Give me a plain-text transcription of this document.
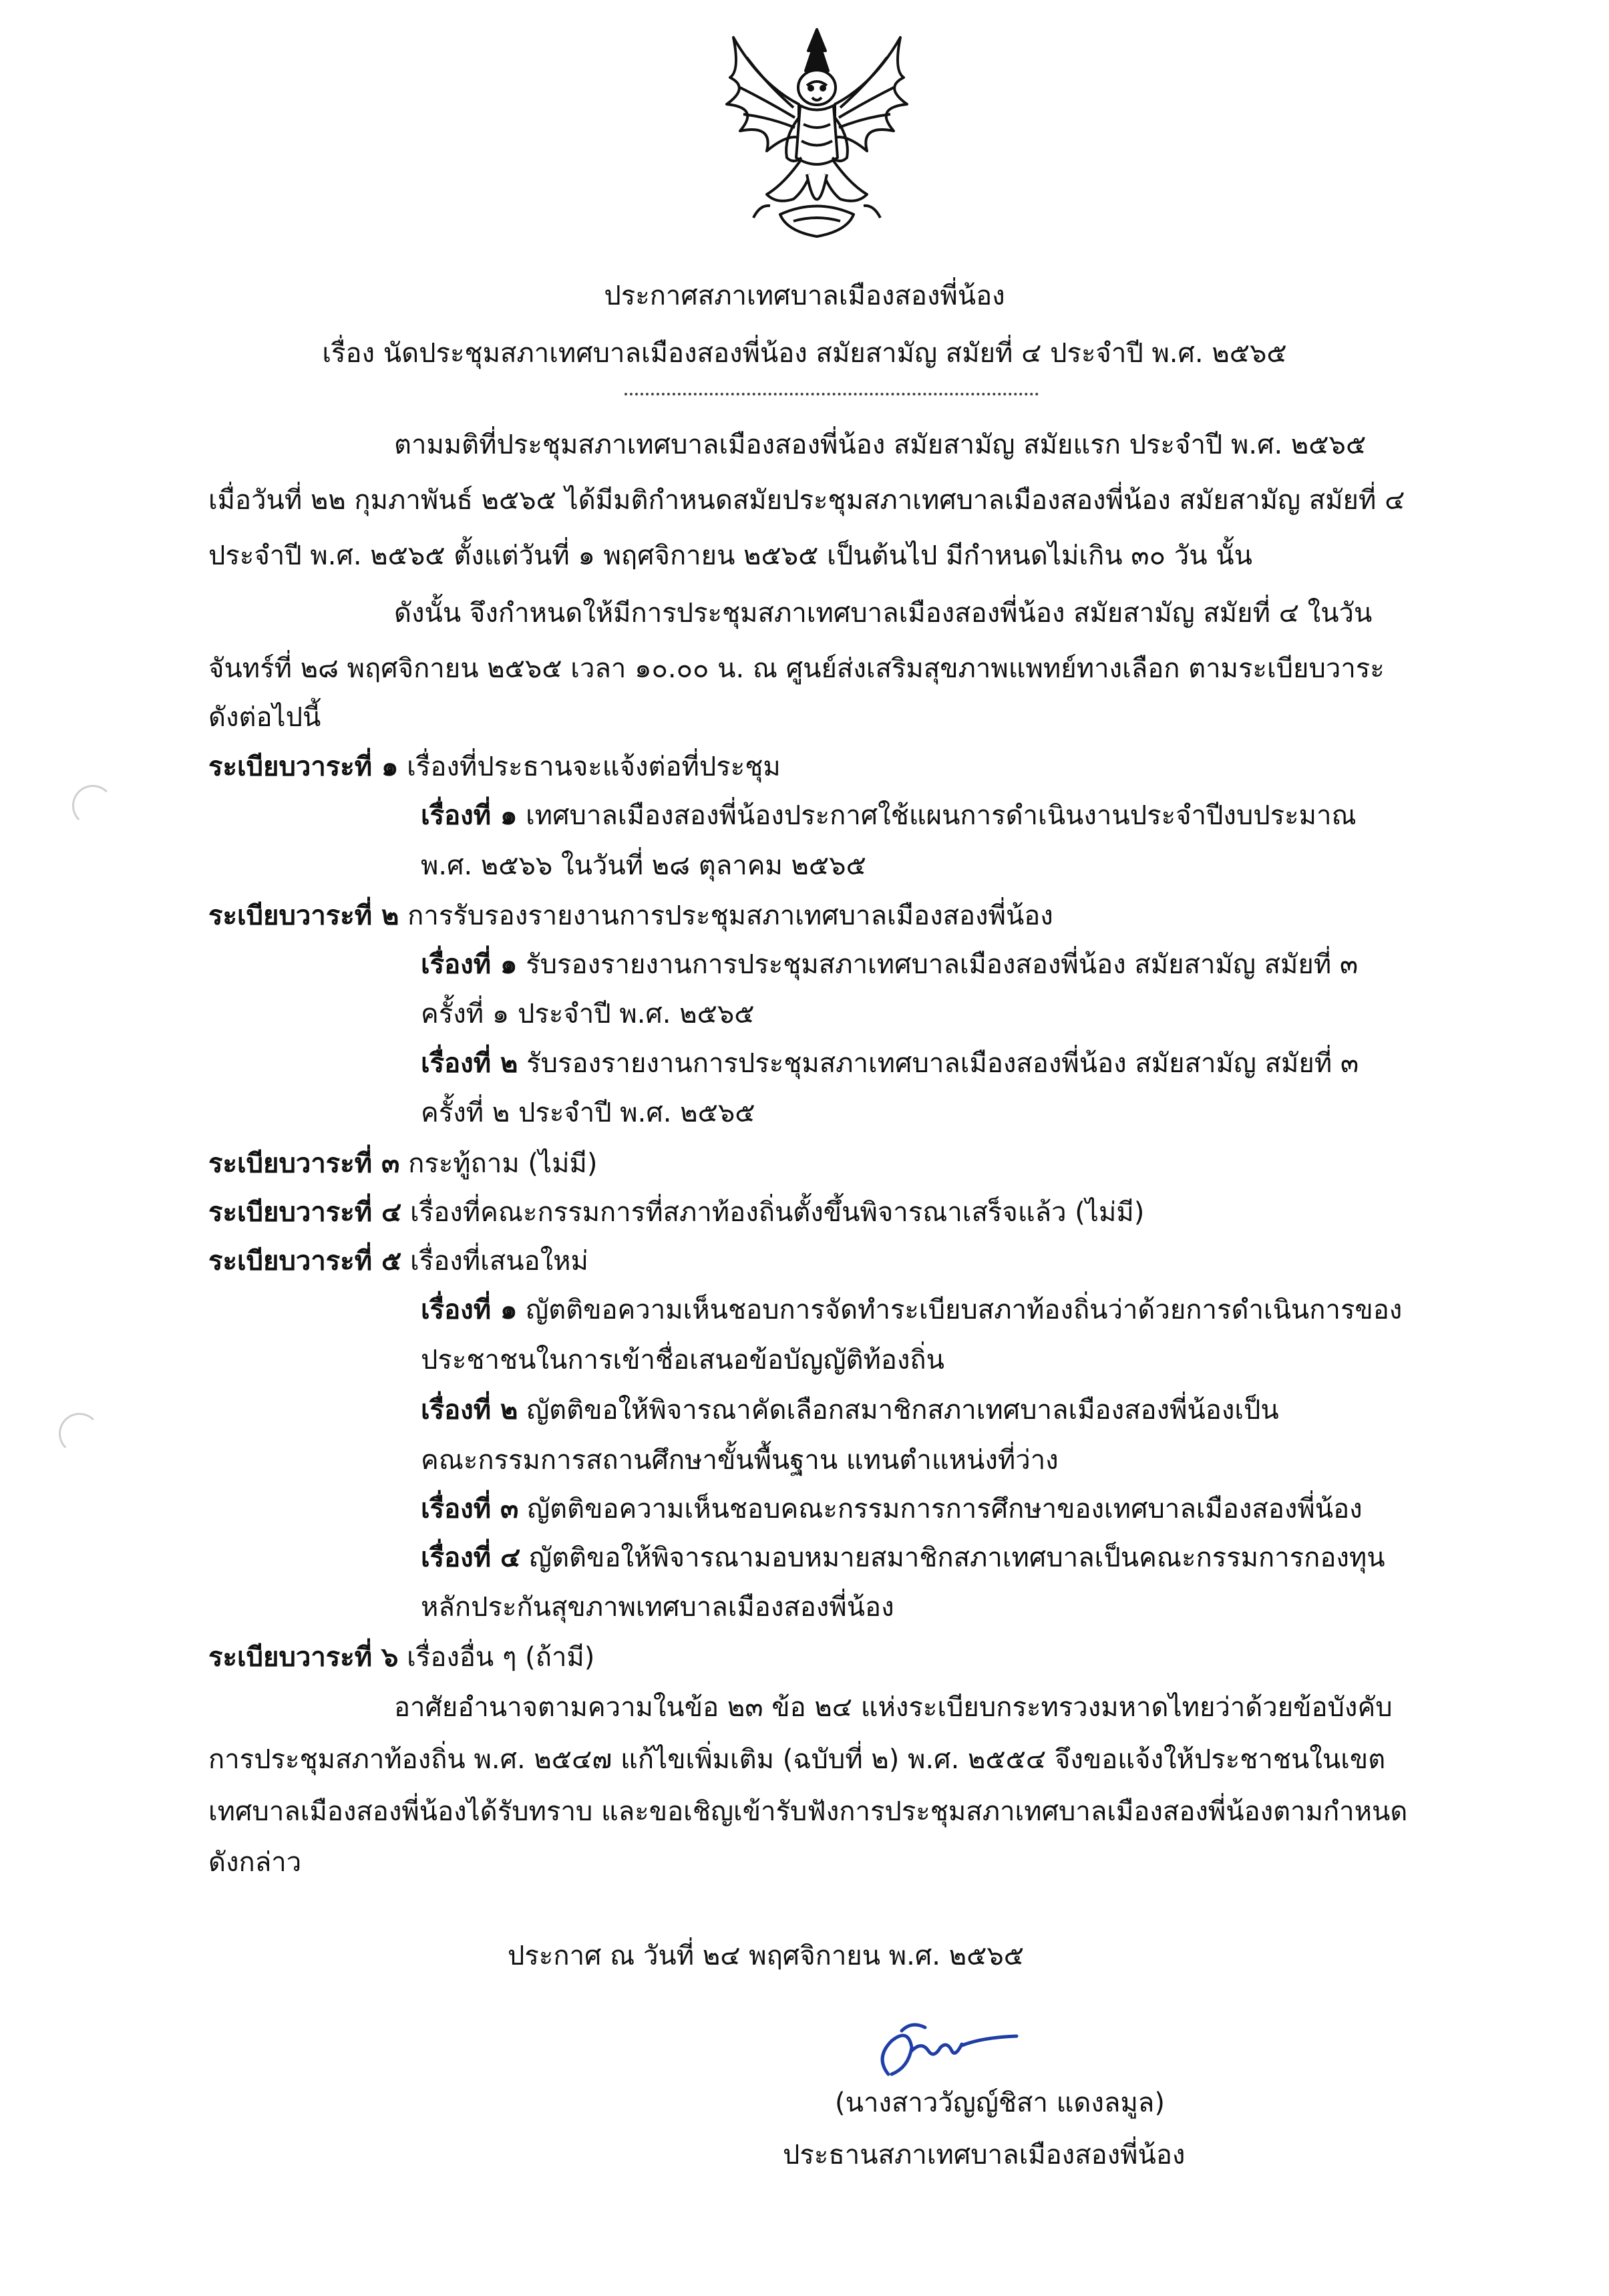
ประกาศสภาเทศบาลเมืองสองพี่น้อง
เรื่อง นัดประชุมสภาเทศบาลเมืองสองพี่น้อง สมัยสามัญ สมัยที่ ๔ ประจำปี พ.ศ. ๒๕๖๕
ตามมติที่ประชุมสภาเทศบาลเมืองสองพี่น้อง สมัยสามัญ สมัยแรก ประจำปี พ.ศ. ๒๕๖๕
เมื่อวันที่ ๒๒ กุมภาพันธ์ ๒๕๖๕ ได้มีมติกำหนดสมัยประชุมสภาเทศบาลเมืองสองพี่น้อง สมัยสามัญ สมัยที่ ๔
ประจำปี พ.ศ. ๒๕๖๕ ตั้งแต่วันที่ ๑ พฤศจิกายน ๒๕๖๕ เป็นต้นไป มีกำหนดไม่เกิน ๓๐ วัน นั้น
ดังนั้น จึงกำหนดให้มีการประชุมสภาเทศบาลเมืองสองพี่น้อง สมัยสามัญ สมัยที่ ๔ ในวัน
จันทร์ที่ ๒๘ พฤศจิกายน ๒๕๖๕ เวลา ๑๐.๐๐ น. ณ ศูนย์ส่งเสริมสุขภาพแพทย์ทางเลือก ตามระเบียบวาระ
ดังต่อไปนี้
ระเบียบวาระที่ ๑ เรื่องที่ประธานจะแจ้งต่อที่ประชุม
เรื่องที่ ๑ เทศบาลเมืองสองพี่น้องประกาศใช้แผนการดำเนินงานประจำปีงบประมาณ
พ.ศ. ๒๕๖๖ ในวันที่ ๒๘ ตุลาคม ๒๕๖๕
ระเบียบวาระที่ ๒ การรับรองรายงานการประชุมสภาเทศบาลเมืองสองพี่น้อง
เรื่องที่ ๑ รับรองรายงานการประชุมสภาเทศบาลเมืองสองพี่น้อง สมัยสามัญ สมัยที่ ๓
ครั้งที่ ๑ ประจำปี พ.ศ. ๒๕๖๕
เรื่องที่ ๒ รับรองรายงานการประชุมสภาเทศบาลเมืองสองพี่น้อง สมัยสามัญ สมัยที่ ๓
ครั้งที่ ๒ ประจำปี พ.ศ. ๒๕๖๕
ระเบียบวาระที่ ๓ กระทู้ถาม (ไม่มี)
ระเบียบวาระที่ ๔ เรื่องที่คณะกรรมการที่สภาท้องถิ่นตั้งขึ้นพิจารณาเสร็จแล้ว (ไม่มี)
ระเบียบวาระที่ ๕ เรื่องที่เสนอใหม่
เรื่องที่ ๑ ญัตติขอความเห็นชอบการจัดทำระเบียบสภาท้องถิ่นว่าด้วยการดำเนินการของ
ประชาชนในการเข้าชื่อเสนอข้อบัญญัติท้องถิ่น
เรื่องที่ ๒ ญัตติขอให้พิจารณาคัดเลือกสมาชิกสภาเทศบาลเมืองสองพี่น้องเป็น
คณะกรรมการสถานศึกษาขั้นพื้นฐาน แทนตำแหน่งที่ว่าง
เรื่องที่ ๓ ญัตติขอความเห็นชอบคณะกรรมการการศึกษาของเทศบาลเมืองสองพี่น้อง
เรื่องที่ ๔ ญัตติขอให้พิจารณามอบหมายสมาชิกสภาเทศบาลเป็นคณะกรรมการกองทุน
หลักประกันสุขภาพเทศบาลเมืองสองพี่น้อง
ระเบียบวาระที่ ๖ เรื่องอื่น ๆ (ถ้ามี)
อาศัยอำนาจตามความในข้อ ๒๓ ข้อ ๒๔ แห่งระเบียบกระทรวงมหาดไทยว่าด้วยข้อบังคับ
การประชุมสภาท้องถิ่น พ.ศ. ๒๕๔๗ แก้ไขเพิ่มเติม (ฉบับที่ ๒) พ.ศ. ๒๕๕๔ จึงขอแจ้งให้ประชาชนในเขต
เทศบาลเมืองสองพี่น้องได้รับทราบ และขอเชิญเข้ารับฟังการประชุมสภาเทศบาลเมืองสองพี่น้องตามกำหนด
ดังกล่าว
ประกาศ ณ วันที่ ๒๔ พฤศจิกายน พ.ศ. ๒๕๖๕
(นางสาววัญญ์ชิสา แดงลมูล)
ประธานสภาเทศบาลเมืองสองพี่น้อง
